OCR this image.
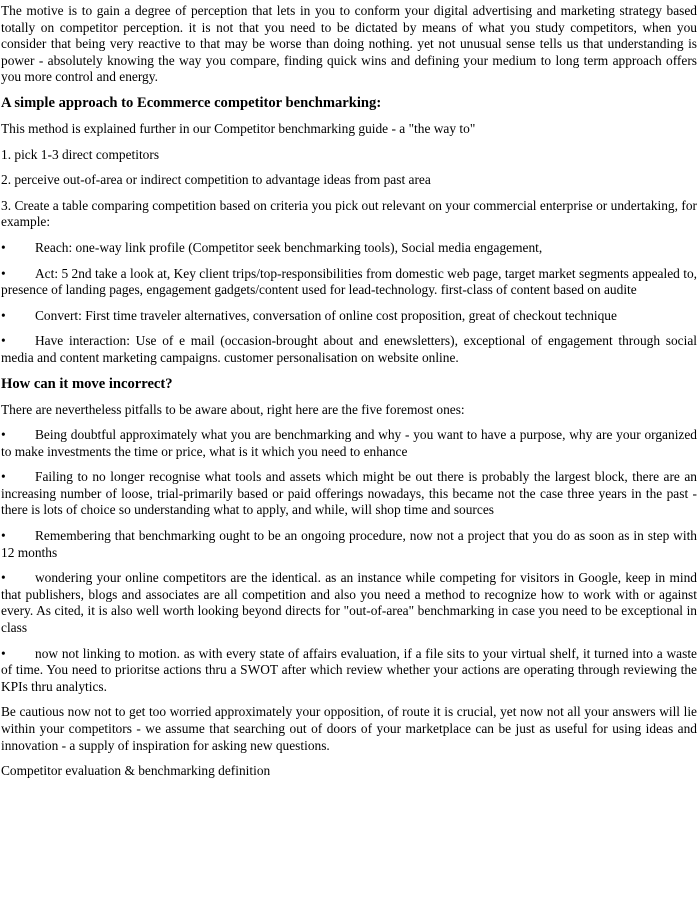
The motive is to gain a degree of perception that lets in you to conform your digital advertising and marketing strategy based totally on competitor perception. it is not that you need to be dictated by means of what you study competitors, when you consider that being very reactive to that may be worse than doing nothing. yet not unusual sense tells us that understanding is power - absolutely knowing the way you compare, finding quick wins and defining your medium to long term approach offers you more control and energy.

A simple approach to Ecommerce competitor benchmarking:

This method is explained further in our Competitor benchmarking guide - a "the way to"

1. pick 1-3 direct competitors

2. perceive out-of-area or indirect competition to advantage ideas from past area

3. Create a table comparing competition based on criteria you pick out relevant on your commercial enterprise or undertaking, for example:

• Reach: one-way link profile (Competitor seek benchmarking tools), Social media engagement,

• Act: 5 2nd take a look at, Key client trips/top-responsibilities from domestic web page, target market segments appealed to, presence of landing pages, engagement gadgets/content used for lead-technology. first-class of content based on audite

• Convert: First time traveler alternatives, conversation of online cost proposition, great of checkout technique

• Have interaction: Use of e mail (occasion-brought about and enewsletters), exceptional of engagement through social media and content marketing campaigns. customer personalisation on website online.

How can it move incorrect?

There are nevertheless pitfalls to be aware about, right here are the five foremost ones:

• Being doubtful approximately what you are benchmarking and why - you want to have a purpose, why are your organized to make investments the time or price, what is it which you need to enhance

• Failing to no longer recognise what tools and assets which might be out there is probably the largest block, there are an increasing number of loose, trial-primarily based or paid offerings nowadays, this became not the case three years in the past - there is lots of choice so understanding what to apply, and while, will shop time and sources

• Remembering that benchmarking ought to be an ongoing procedure, now not a project that you do as soon as in step with 12 months

• wondering your online competitors are the identical. as an instance while competing for visitors in Google, keep in mind that publishers, blogs and associates are all competition and also you need a method to recognize how to work with or against every. As cited, it is also well worth looking beyond directs for "out-of-area" benchmarking in case you need to be exceptional in class

• now not linking to motion. as with every state of affairs evaluation, if a file sits to your virtual shelf, it turned into a waste of time. You need to prioritse actions thru a SWOT after which review whether your actions are operating through reviewing the KPIs thru analytics.

Be cautious now not to get too worried approximately your opposition, of route it is crucial, yet now not all your answers will lie within your competitors - we assume that searching out of doors of your marketplace can be just as useful for using ideas and innovation - a supply of inspiration for asking new questions.

Competitor evaluation & benchmarking definition
